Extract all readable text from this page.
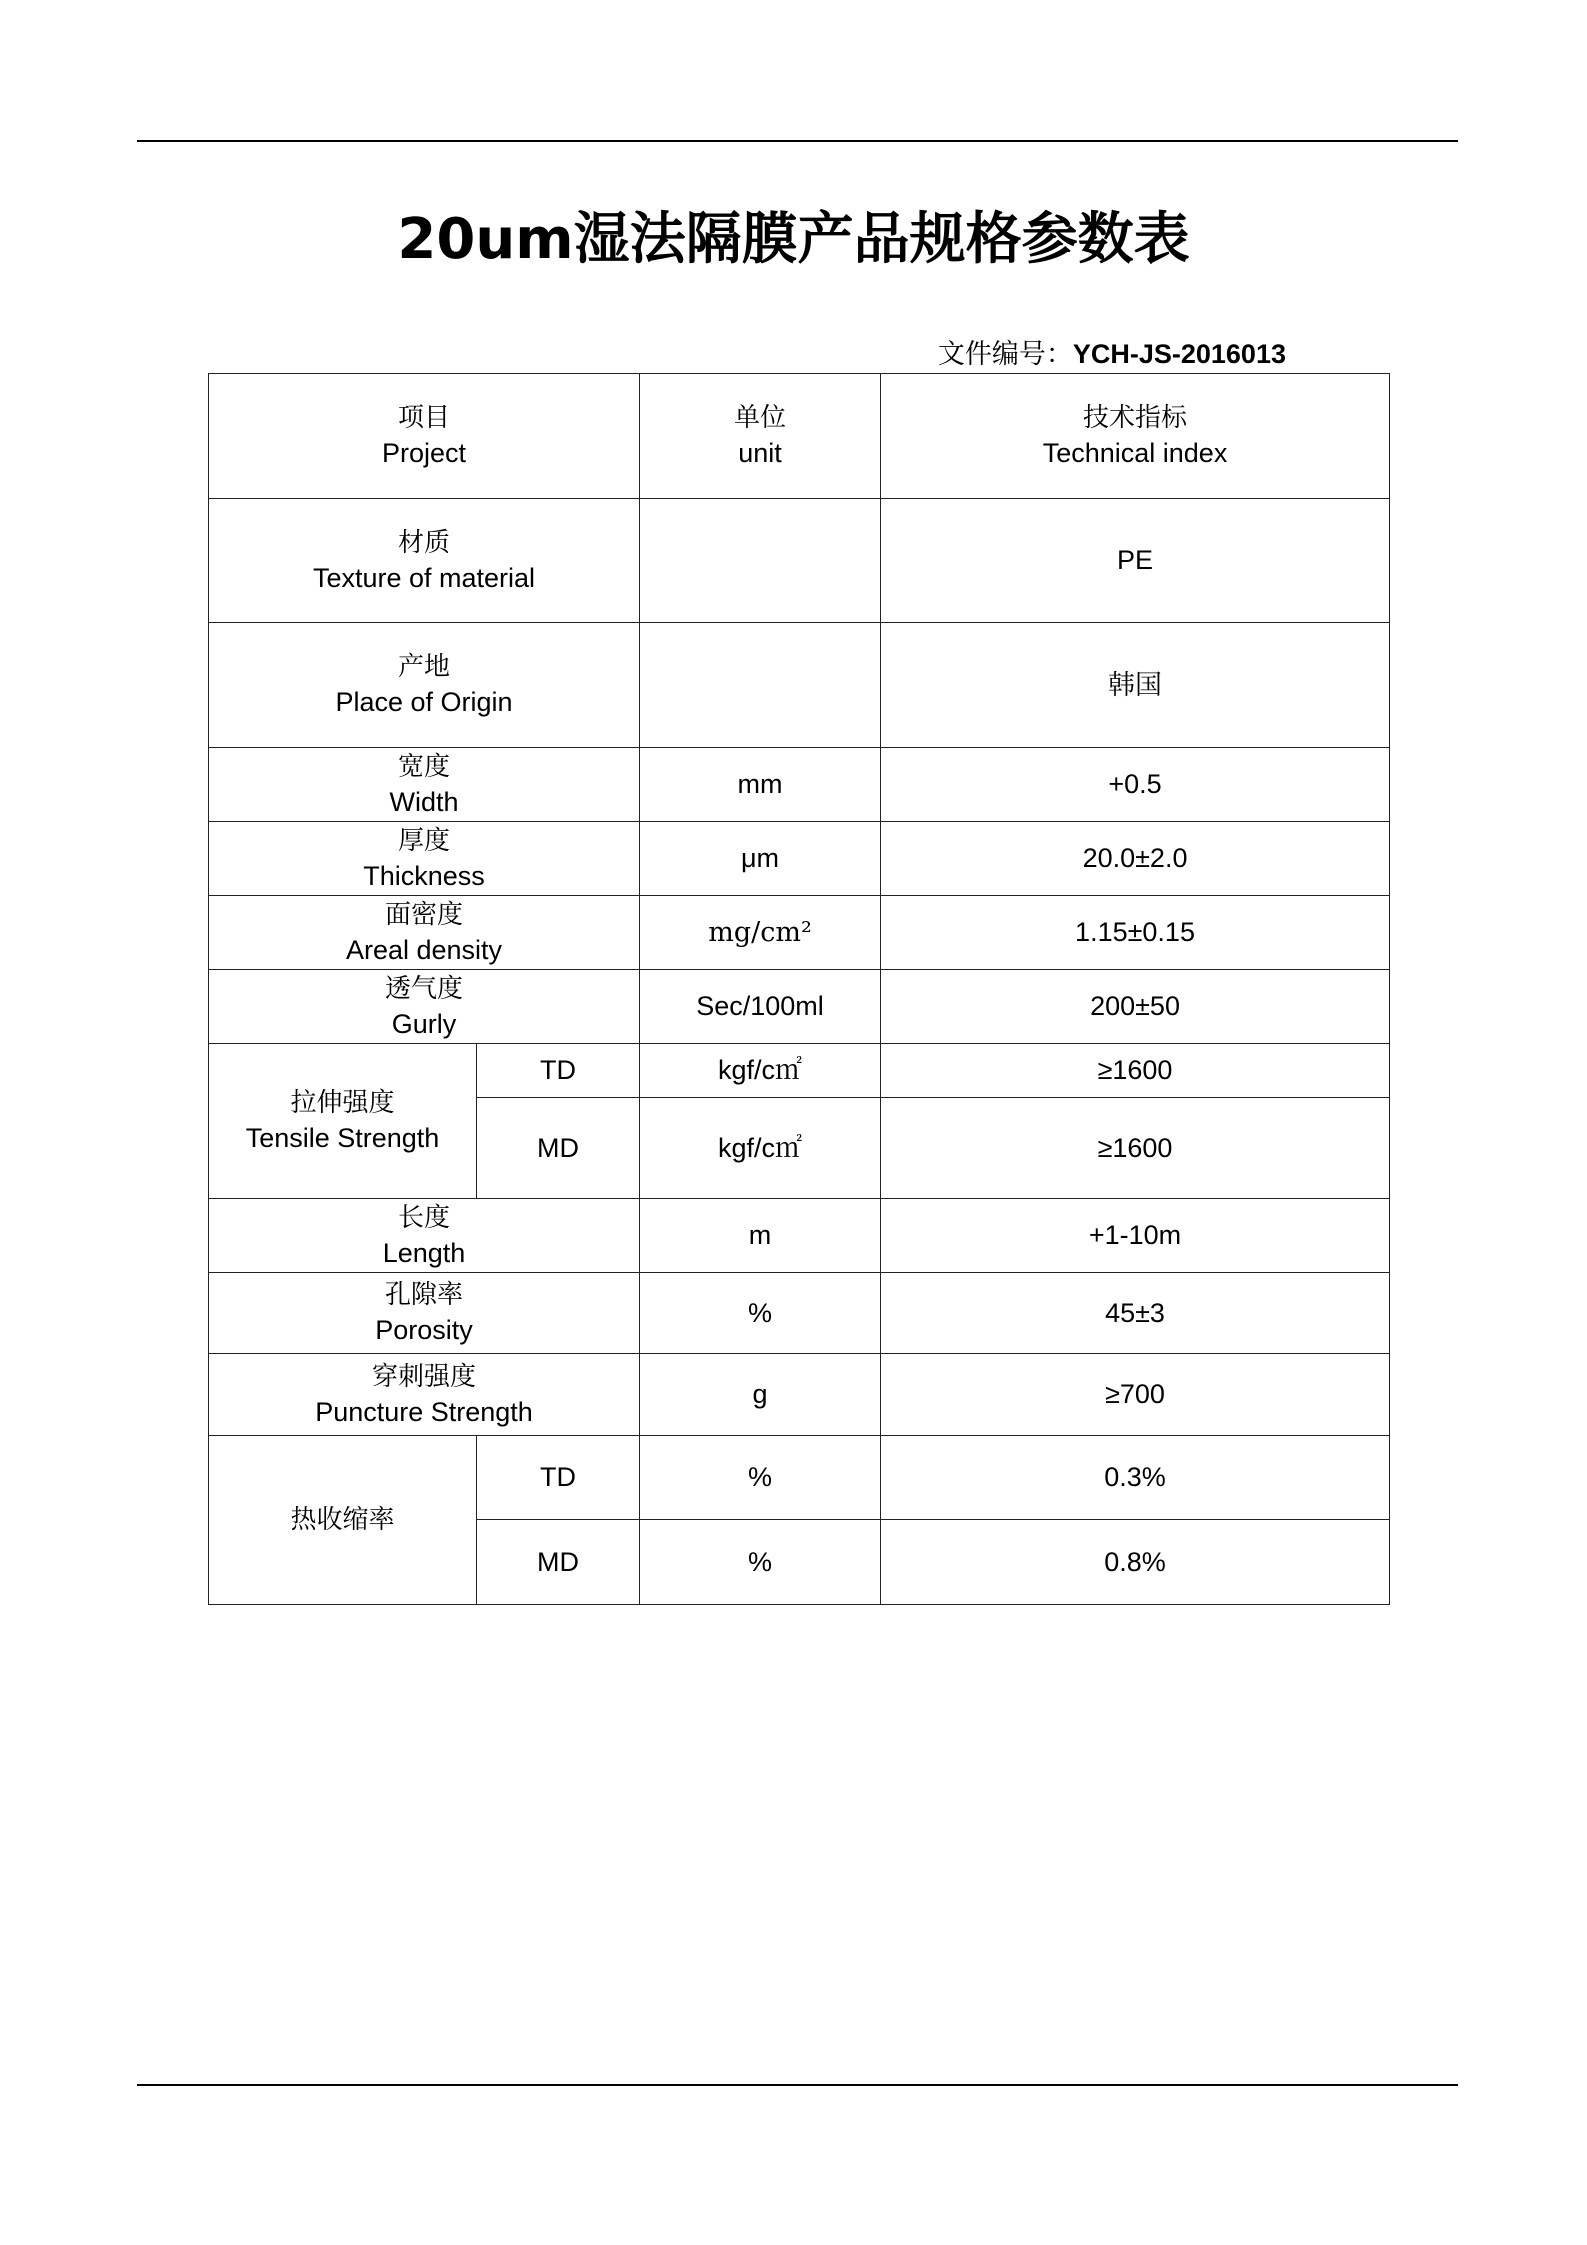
20um湿法隔膜产品规格参数表
文件编号：YCH-JS-2016013
项目
Project		单位
unit	技术指标
Technical index

材质
Texture of material			PE

产地
Place of Origin			韩国

宽度
Width		mm	+0.5

厚度
Thickness		μm	20.0±2.0

面密度
Areal density		mg/cm²	1.15±0.15

透气度
Gurly		Sec/100ml	200±50

拉伸强度
Tensile Strength	TD	kgf/c㎡	≥1600
	MD	kgf/c㎡	≥1600

长度
Length		m	+1-10m

孔隙率
Porosity		%	45±3

穿刺强度
Puncture Strength		g	≥700

热收缩率	TD	%	0.3%
	MD	%	0.8%
